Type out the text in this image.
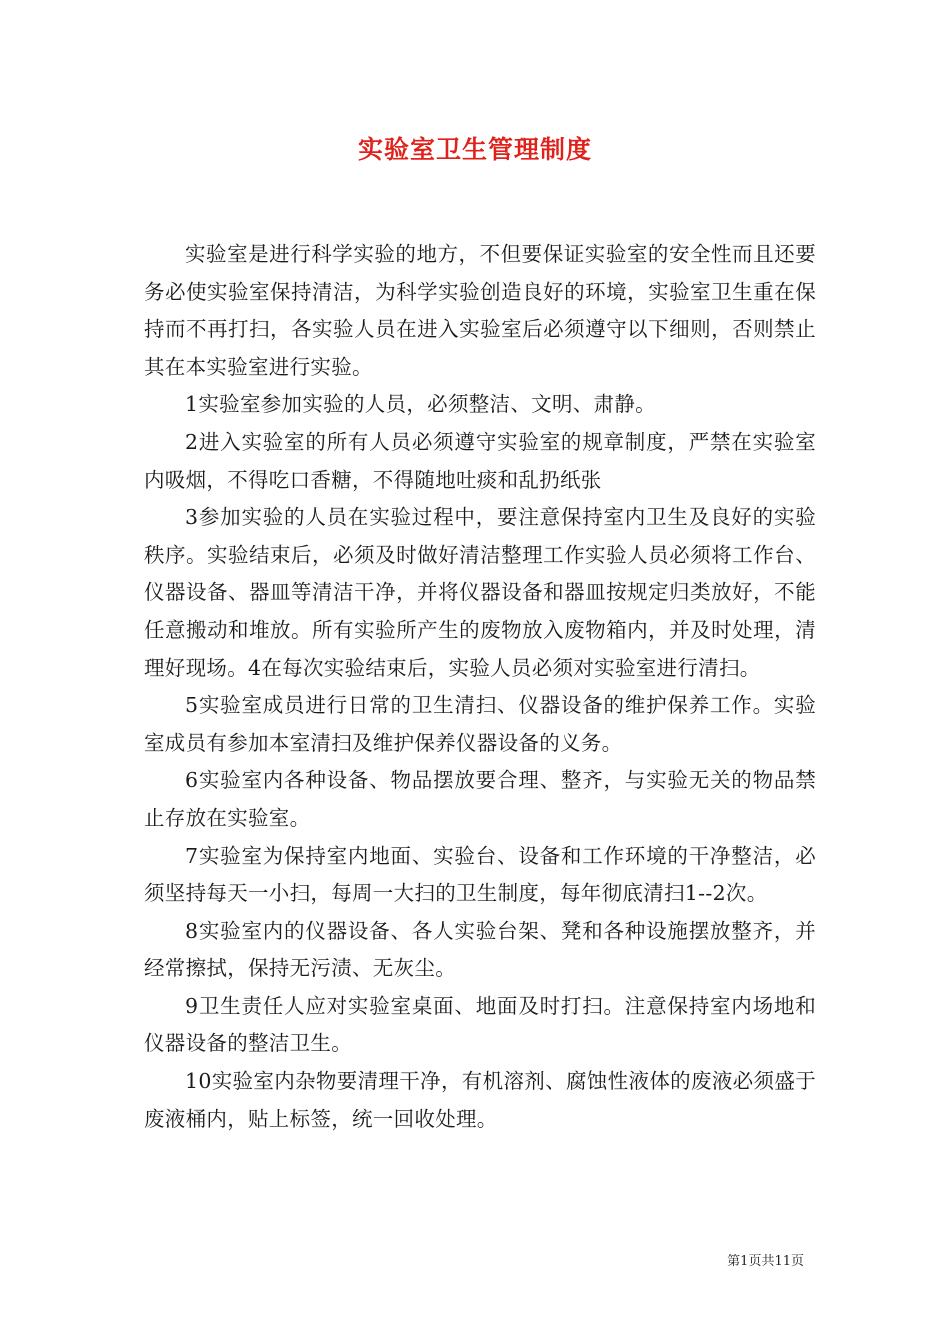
实验室卫生管理制度

实验室是进行科学实验的地方，不但要保证实验室的安全性而且还要务必使实验室保持清洁，为科学实验创造良好的环境，实验室卫生重在保持而不再打扫，各实验人员在进入实验室后必须遵守以下细则，否则禁止其在本实验室进行实验。

1实验室参加实验的人员，必须整洁、文明、肃静。

2进入实验室的所有人员必须遵守实验室的规章制度，严禁在实验室内吸烟，不得吃口香糖，不得随地吐痰和乱扔纸张

3参加实验的人员在实验过程中，要注意保持室内卫生及良好的实验秩序。实验结束后，必须及时做好清洁整理工作实验人员必须将工作台、仪器设备、器皿等清洁干净，并将仪器设备和器皿按规定归类放好，不能任意搬动和堆放。所有实验所产生的废物放入废物箱内，并及时处理，清理好现场。4在每次实验结束后，实验人员必须对实验室进行清扫。

5实验室成员进行日常的卫生清扫、仪器设备的维护保养工作。实验室成员有参加本室清扫及维护保养仪器设备的义务。

6实验室内各种设备、物品摆放要合理、整齐，与实验无关的物品禁止存放在实验室。

7实验室为保持室内地面、实验台、设备和工作环境的干净整洁，必须坚持每天一小扫，每周一大扫的卫生制度，每年彻底清扫1--2次。

8实验室内的仪器设备、各人实验台架、凳和各种设施摆放整齐，并经常擦拭，保持无污渍、无灰尘。

9卫生责任人应对实验室桌面、地面及时打扫。注意保持室内场地和仪器设备的整洁卫生。

10实验室内杂物要清理干净，有机溶剂、腐蚀性液体的废液必须盛于废液桶内，贴上标签，统一回收处理。

第1页共11页
